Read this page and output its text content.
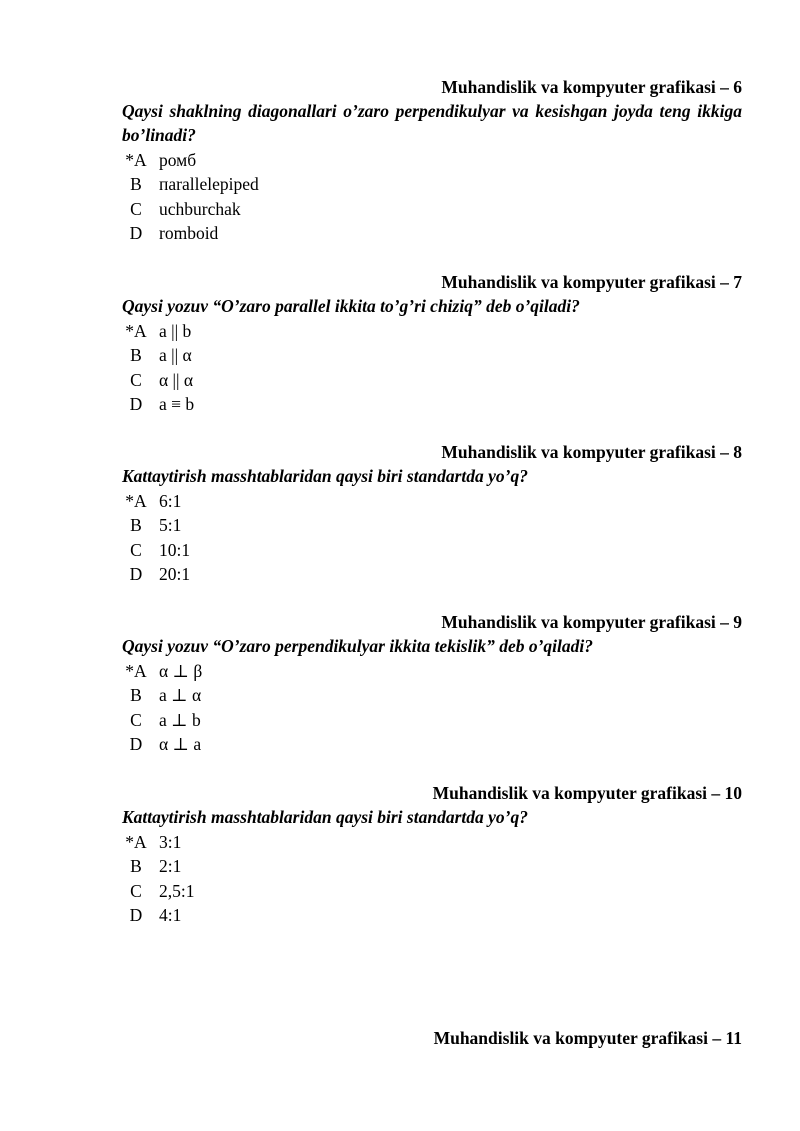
Muhandislik va kompyuter grafikasi – 6
Qaysi shaklning diagonallari o’zaro perpendikulyar va kesishgan joyda teng ikkiga bo’linadi?
*A ромб
B пarallelepiped
C uchburchak
D romboid
Muhandislik va kompyuter grafikasi – 7
Qaysi yozuv “O’zaro parallel ikkita to’g’ri chiziq” deb o’qiladi?
*A a || b
B a || α
C α || α
D a ≡ b
Muhandislik va kompyuter grafikasi – 8
Kattaytirish masshtablaridan qaysi biri standartda yo’q?
*A 6:1
B 5:1
C 10:1
D 20:1
Muhandislik va kompyuter grafikasi – 9
Qaysi yozuv “O’zaro perpendikulyar ikkita tekislik” deb o’qiladi?
*A α ⊥ β
B a ⊥ α
C a ⊥ b
D α ⊥ a
Muhandislik va kompyuter grafikasi – 10
Kattaytirish masshtablaridan qaysi biri standartda yo’q?
*A 3:1
B 2:1
C 2,5:1
D 4:1
Muhandislik va kompyuter grafikasi – 11
